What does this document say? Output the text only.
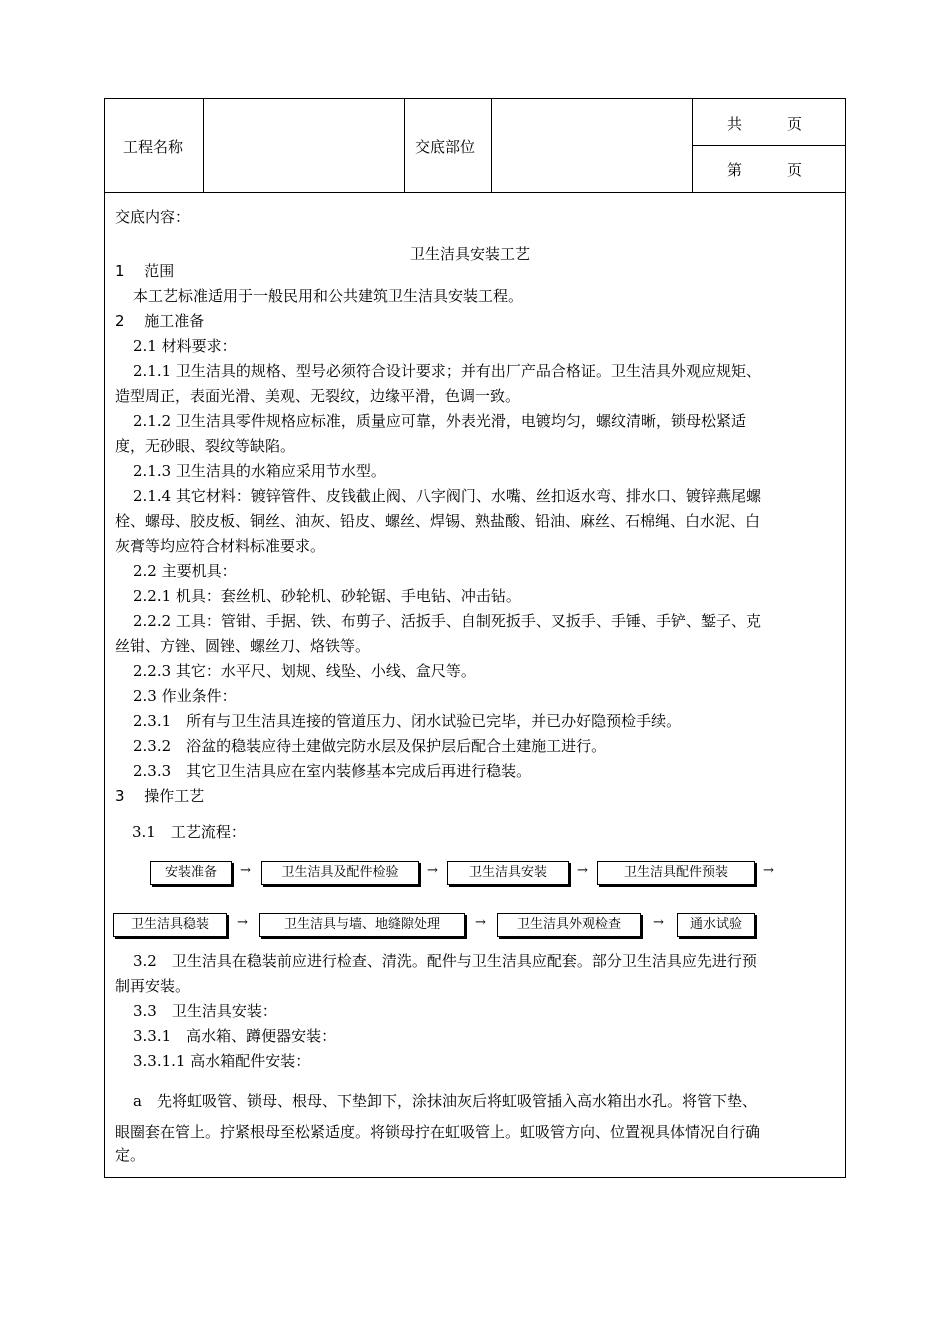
工程名称	交底部位
共　　　页
第　　　页
交底内容：
卫生洁具安装工艺
1　 范围
本工艺标准适用于一般民用和公共建筑卫生洁具安装工程。
2　 施工准备
2.1 材料要求：
2.1.1 卫生洁具的规格、型号必须符合设计要求；并有出厂产品合格证。卫生洁具外观应规矩、
造型周正，表面光滑、美观、无裂纹，边缘平滑，色调一致。
2.1.2 卫生洁具零件规格应标准，质量应可靠，外表光滑，电镀均匀，螺纹清晰，锁母松紧适
度，无砂眼、裂纹等缺陷。
2.1.3 卫生洁具的水箱应采用节水型。
2.1.4 其它材料：镀锌管件、皮钱截止阀、八字阀门、水嘴、丝扣返水弯、排水口、镀锌燕尾螺
栓、螺母、胶皮板、铜丝、油灰、铅皮、螺丝、焊锡、熟盐酸、铅油、麻丝、石棉绳、白水泥、白
灰膏等均应符合材料标准要求。
2.2 主要机具：
2.2.1 机具：套丝机、砂轮机、砂轮锯、手电钻、冲击钻。
2.2.2 工具：管钳、手据、铁、布剪子、活扳手、自制死扳手、叉扳手、手锤、手铲、錾子、克
丝钳、方锉、圆锉、螺丝刀、烙铁等。
2.2.3 其它：水平尺、划规、线坠、小线、盒尺等。
2.3 作业条件：
2.3.1　所有与卫生洁具连接的管道压力、闭水试验已完毕，并已办好隐预检手续。
2.3.2　浴盆的稳装应待土建做完防水层及保护层后配合土建施工进行。
2.3.3　其它卫生洁具应在室内装修基本完成后再进行稳装。
3　 操作工艺
3.1　工艺流程：
安装准备	→	卫生洁具及配件检验	→	卫生洁具安装	→	卫生洁具配件预装	→
卫生洁具稳装	→	卫生洁具与墙、地缝隙处理	→	卫生洁具外观检查	→	通水试验
3.2　卫生洁具在稳装前应进行检查、清洗。配件与卫生洁具应配套。部分卫生洁具应先进行预
制再安装。
3.3　卫生洁具安装：
3.3.1　高水箱、蹲便器安装：
3.3.1.1 高水箱配件安装：
a　先将虹吸管、锁母、根母、下垫卸下，涂抹油灰后将虹吸管插入高水箱出水孔。将管下垫、
眼圈套在管上。拧紧根母至松紧适度。将锁母拧在虹吸管上。虹吸管方向、位置视具体情况自行确
定。
